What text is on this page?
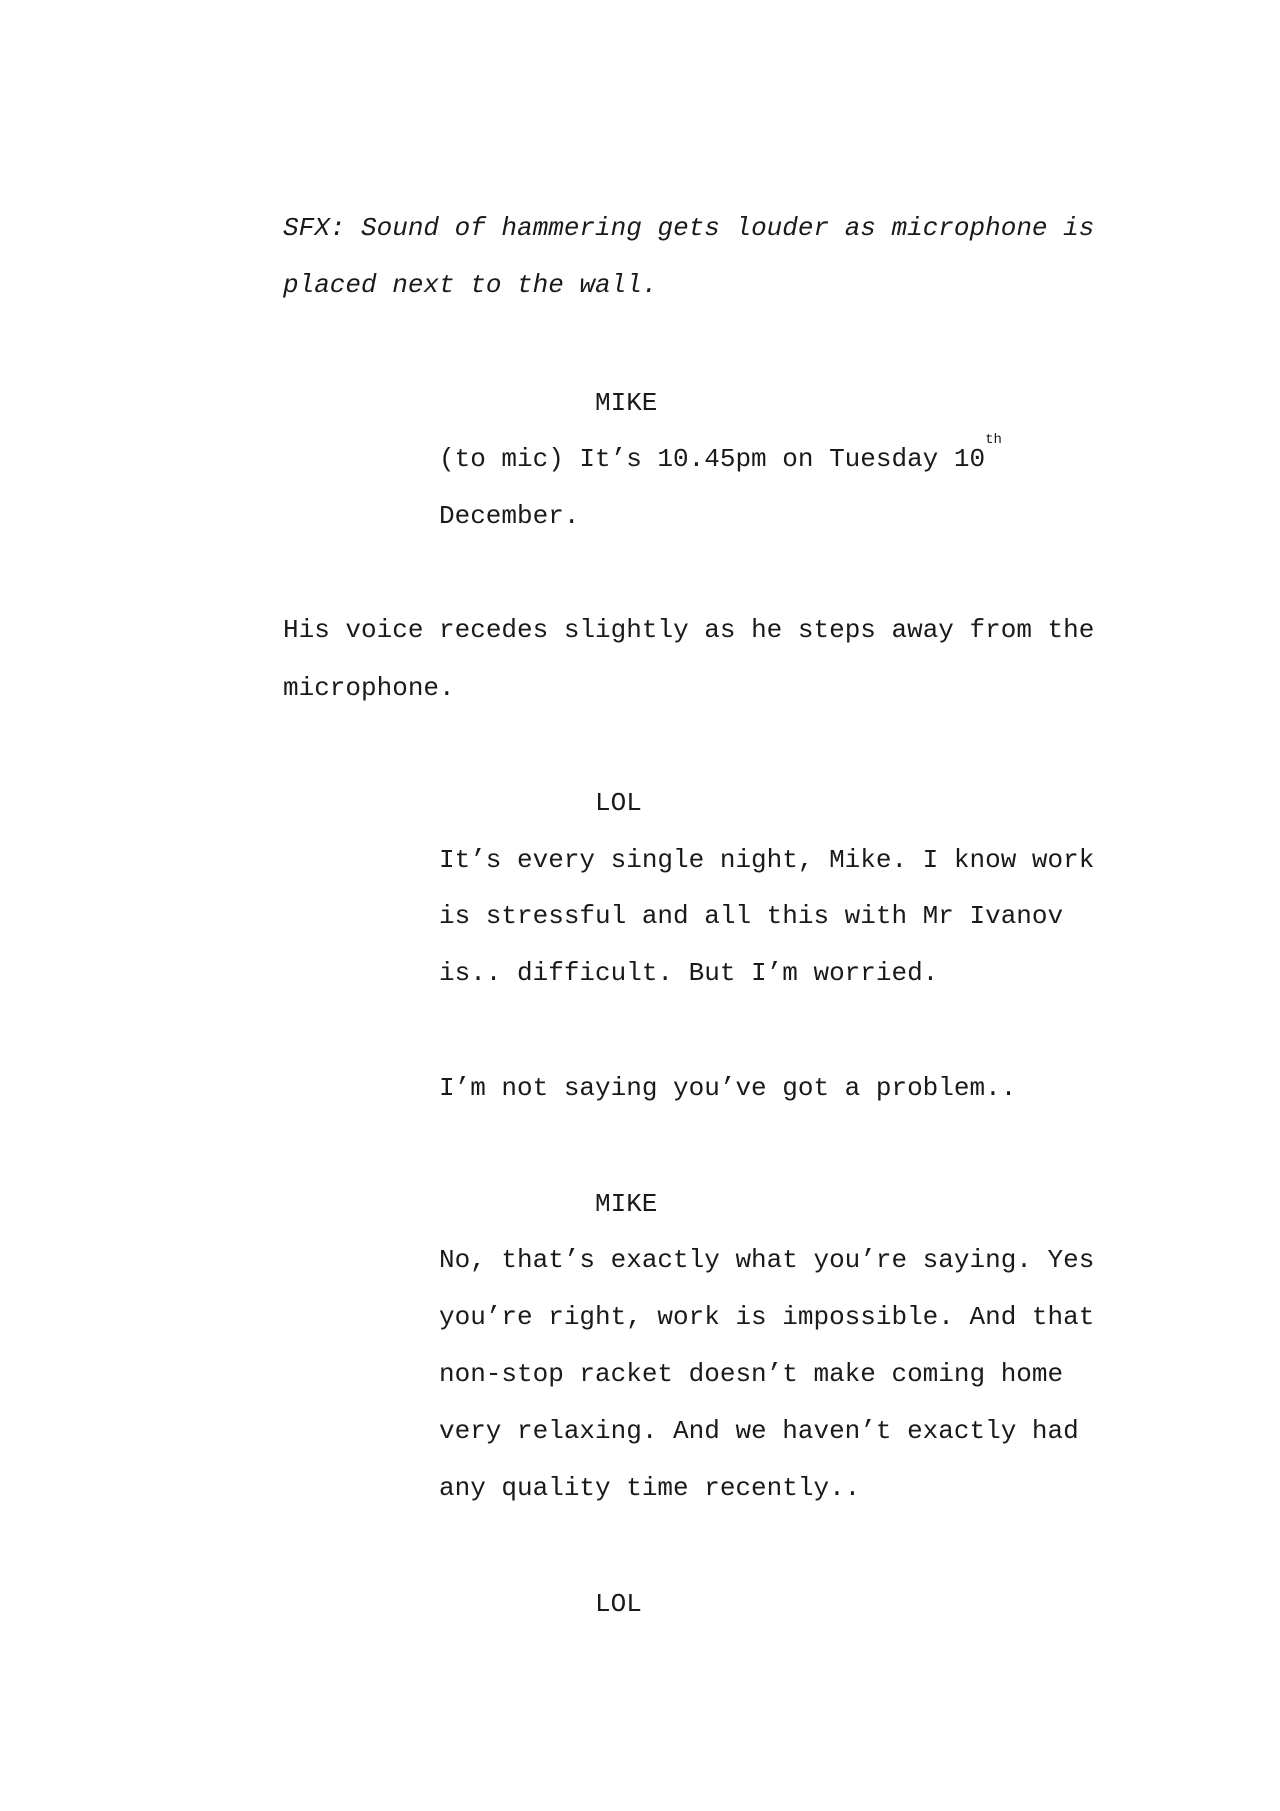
SFX: Sound of hammering gets louder as microphone is

placed next to the wall.

MIKE

(to mic) It’s 10.45pm on Tuesday 10th

December.

His voice recedes slightly as he steps away from the

microphone.

LOL

It’s every single night, Mike. I know work

is stressful and all this with Mr Ivanov

is.. difficult. But I’m worried.

I’m not saying you’ve got a problem..

MIKE

No, that’s exactly what you’re saying. Yes

you’re right, work is impossible. And that

non-stop racket doesn’t make coming home

very relaxing. And we haven’t exactly had

any quality time recently..

LOL
